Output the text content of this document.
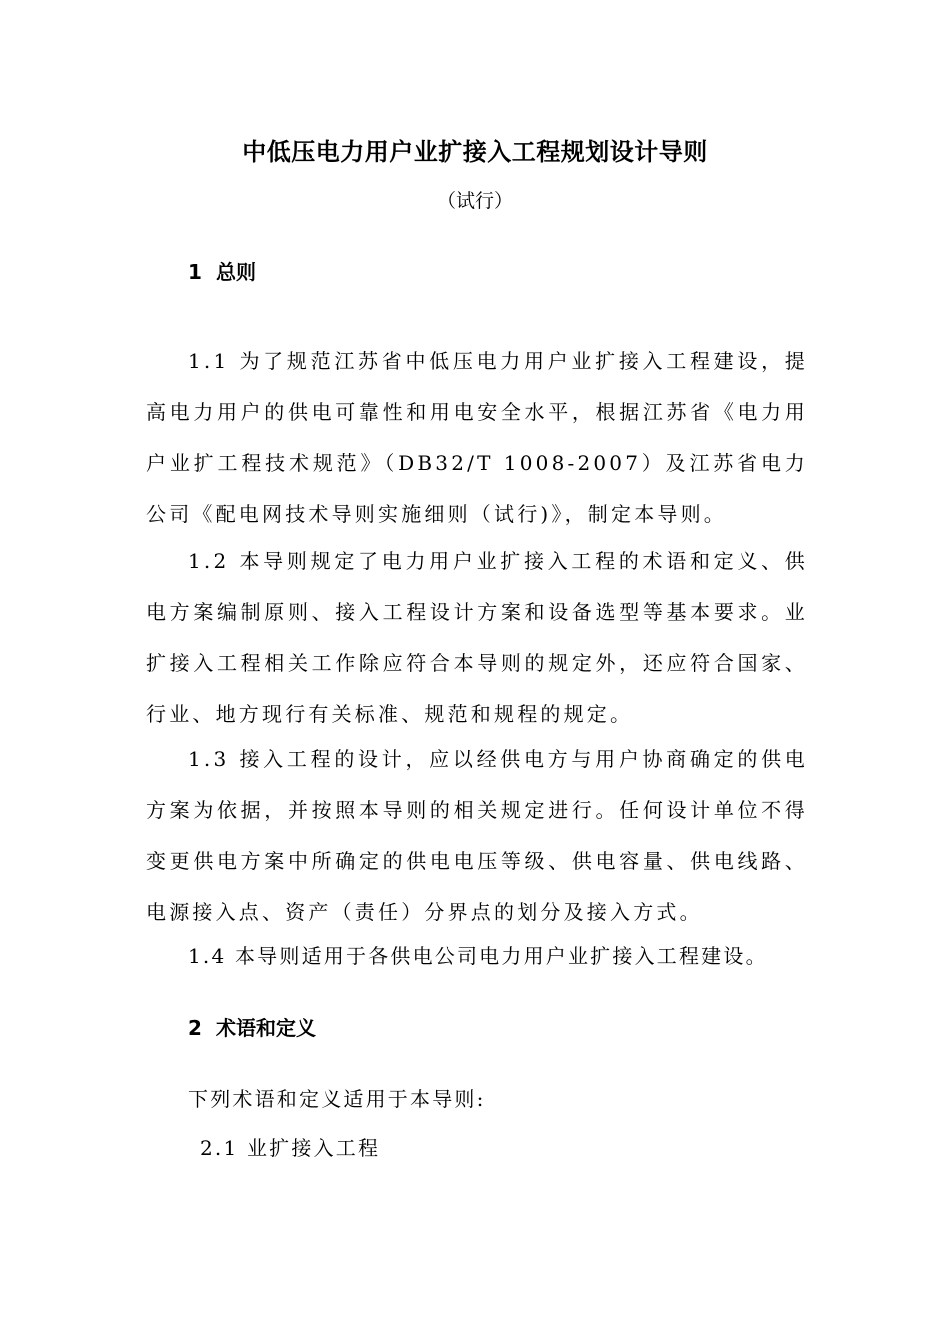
中低压电力用户业扩接入工程规划设计导则
（试行）
1 总则

1.1 为了规范江苏省中低压电力用户业扩接入工程建设，提高电力用户的供电可靠性和用电安全水平，根据江苏省《电力用户业扩工程技术规范》（DB32/T 1008-2007）及江苏省电力公司《配电网技术导则实施细则（试行)》，制定本导则。

1.2 本导则规定了电力用户业扩接入工程的术语和定义、供电方案编制原则、接入工程设计方案和设备选型等基本要求。业扩接入工程相关工作除应符合本导则的规定外，还应符合国家、行业、地方现行有关标准、规范和规程的规定。

1.3 接入工程的设计，应以经供电方与用户协商确定的供电方案为依据，并按照本导则的相关规定进行。任何设计单位不得变更供电方案中所确定的供电电压等级、供电容量、供电线路、电源接入点、资产（责任）分界点的划分及接入方式。

1.4 本导则适用于各供电公司电力用户业扩接入工程建设。
2 术语和定义
下列术语和定义适用于本导则:
2.1 业扩接入工程
